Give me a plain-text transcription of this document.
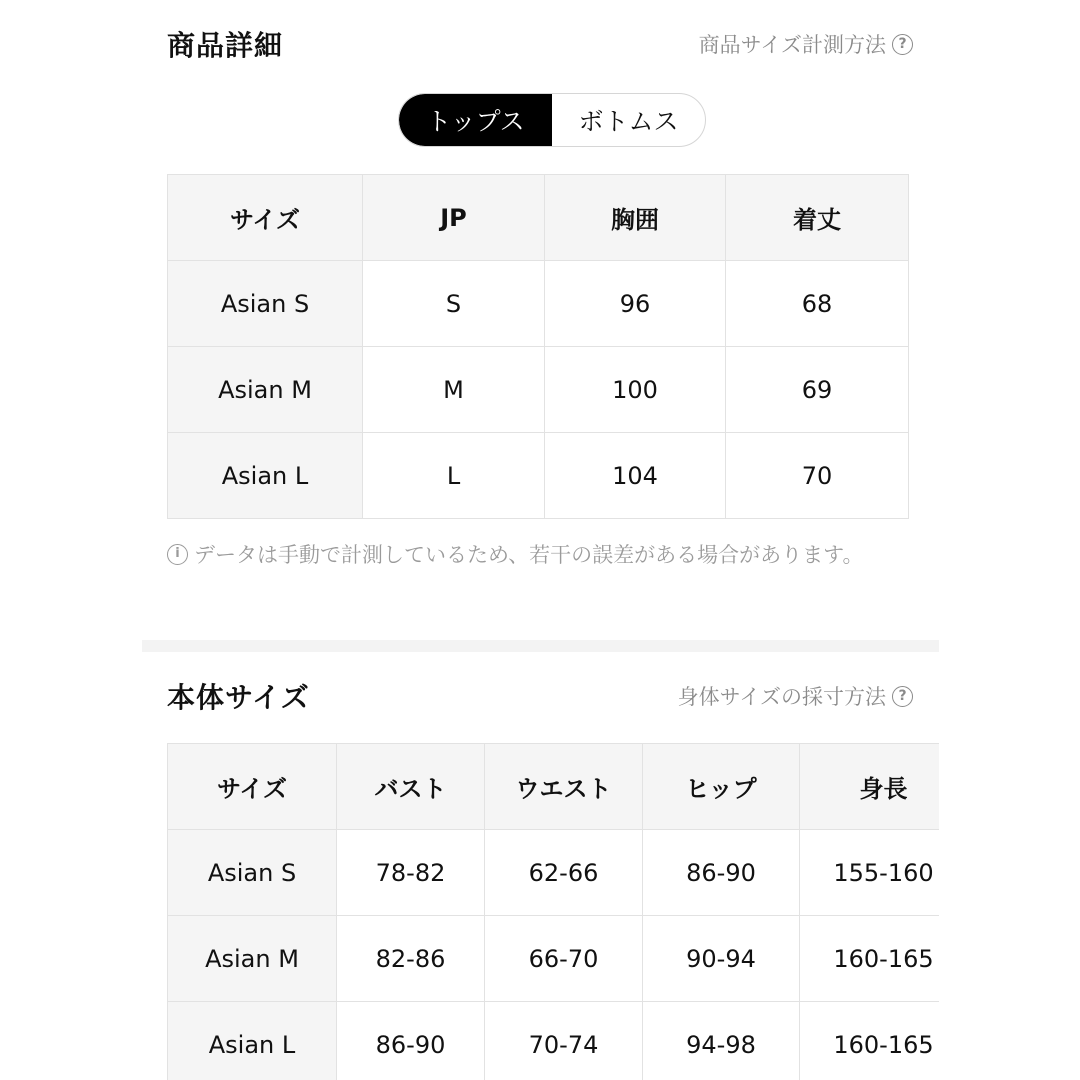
商品詳細	商品サイズ計測方法 ?
トップス	ボトムス
サイズ	JP	胸囲	着丈
Asian S	S	96	68
Asian M	M	100	69
Asian L	L	104	70
i データは手動で計測しているため、若干の誤差がある場合があります。
本体サイズ	身体サイズの採寸方法 ?
サイズ	バスト	ウエスト	ヒップ	身長
Asian S	78-82	62-66	86-90	155-160
Asian M	82-86	66-70	90-94	160-165
Asian L	86-90	70-74	94-98	160-165
